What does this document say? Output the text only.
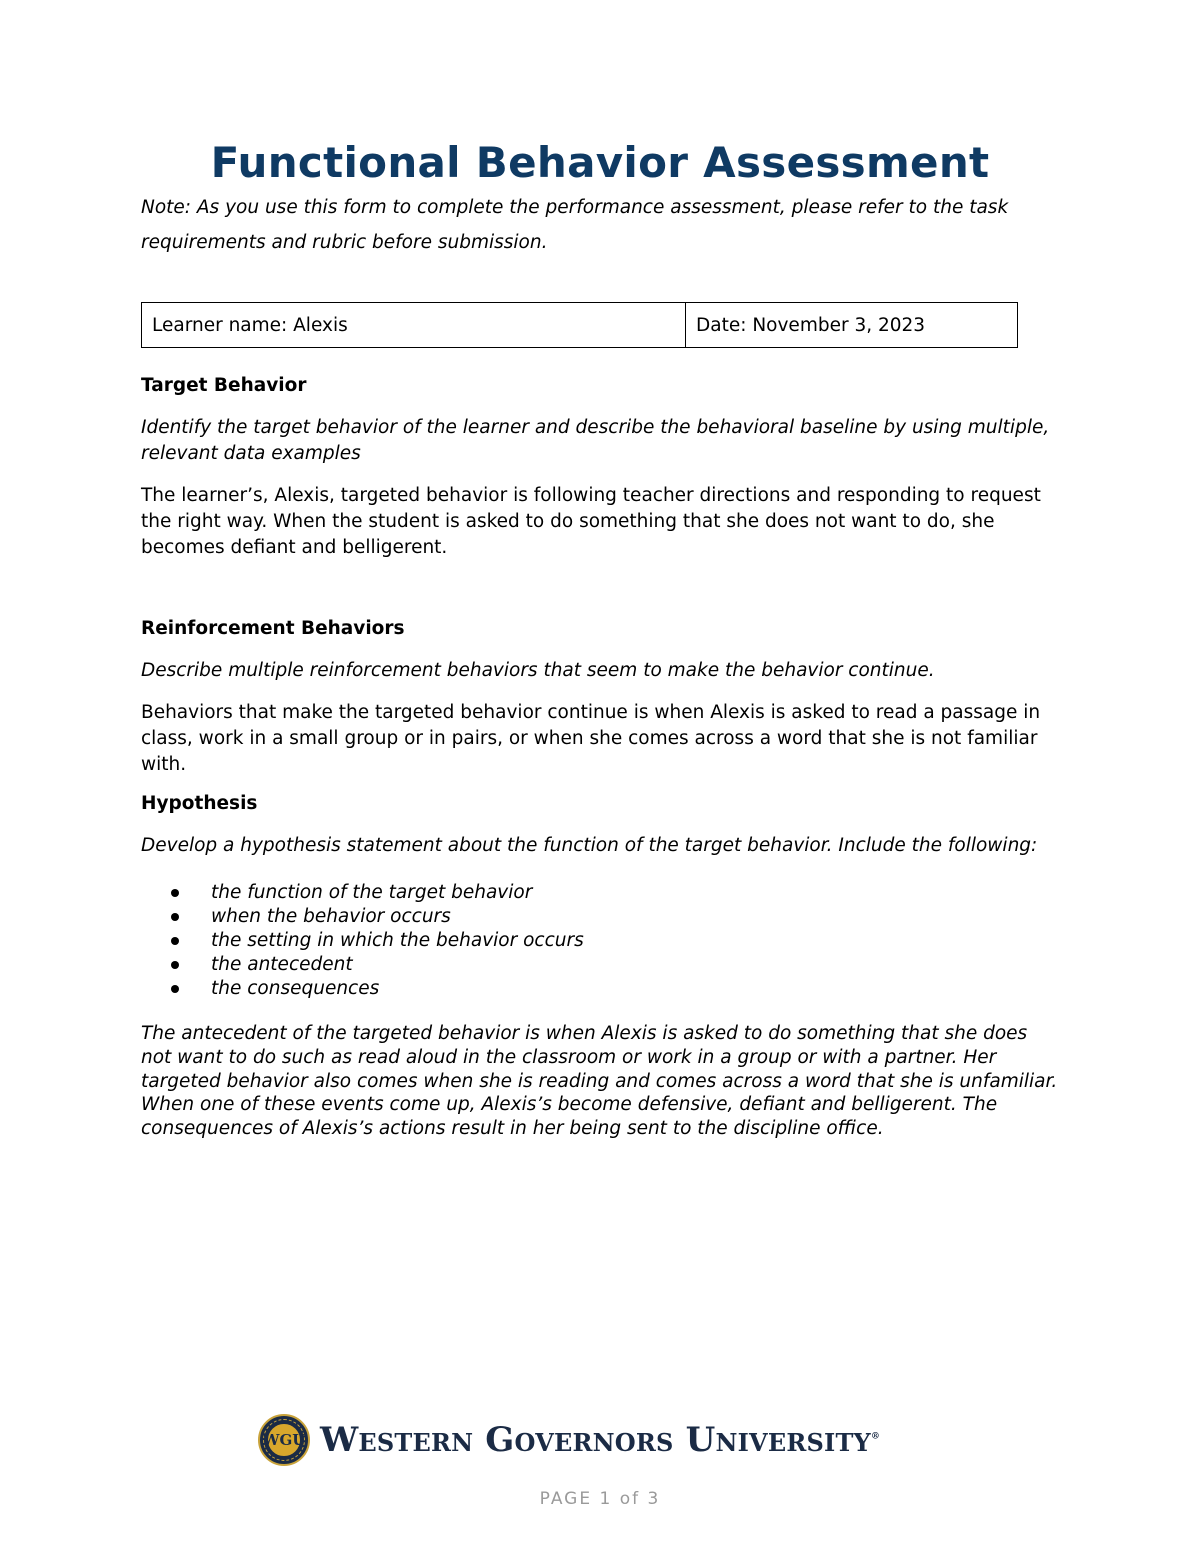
Functional Behavior Assessment

Note: As you use this form to complete the performance assessment, please refer to the task requirements and rubric before submission.

Learner name: Alexis	Date: November 3, 2023

Target Behavior

Identify the target behavior of the learner and describe the behavioral baseline by using multiple, relevant data examples

The learner’s, Alexis, targeted behavior is following teacher directions and responding to request the right way. When the student is asked to do something that she does not want to do, she becomes defiant and belligerent.

Reinforcement Behaviors

Describe multiple reinforcement behaviors that seem to make the behavior continue.

Behaviors that make the targeted behavior continue is when Alexis is asked to read a passage in class, work in a small group or in pairs, or when she comes across a word that she is not familiar with.

Hypothesis

Develop a hypothesis statement about the function of the target behavior. Include the following:

the function of the target behavior
when the behavior occurs
the setting in which the behavior occurs
the antecedent
the consequences

The antecedent of the targeted behavior is when Alexis is asked to do something that she does not want to do such as read aloud in the classroom or work in a group or with a partner. Her targeted behavior also comes when she is reading and comes across a word that she is unfamiliar. When one of these events come up, Alexis’s become defensive, defiant and belligerent. The consequences of Alexis’s actions result in her being sent to the discipline office.

WGU Western Governors University®

PAGE 1 of 3
